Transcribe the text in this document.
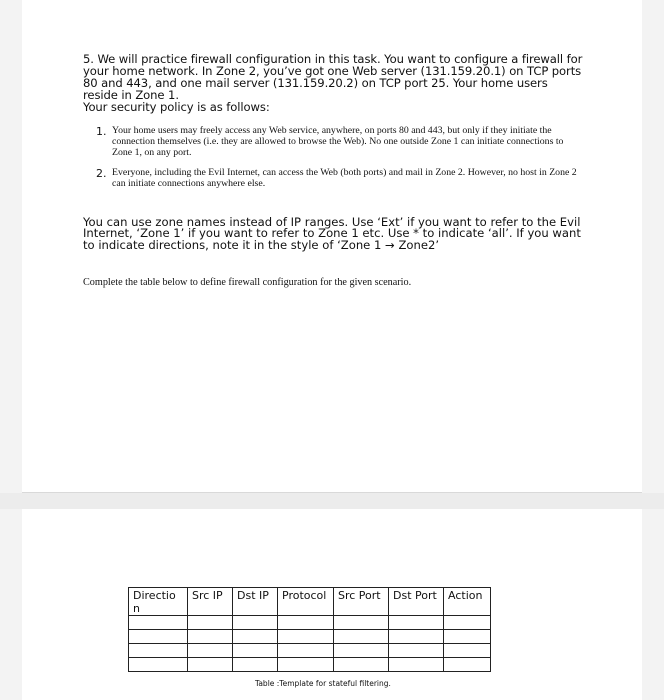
5. We will practice firewall configuration in this task. You want to configure a firewall for your home network. In Zone 2, you’ve got one Web server (131.159.20.1) on TCP ports 80 and 443, and one mail server (131.159.20.2) on TCP port 25. Your home users reside in Zone 1.

Your security policy is as follows:

1. Your home users may freely access any Web service, anywhere, on ports 80 and 443, but only if they initiate the connection themselves (i.e. they are allowed to browse the Web). No one outside Zone 1 can initiate connections to Zone 1, on any port.
2. Everyone, including the Evil Internet, can access the Web (both ports) and mail in Zone 2. However, no host in Zone 2 can initiate connections anywhere else.

You can use zone names instead of IP ranges. Use ‘Ext’ if you want to refer to the Evil Internet, ‘Zone 1’ if you want to refer to Zone 1 etc. Use * to indicate ‘all’. If you want to indicate directions, note it in the style of ‘Zone 1 → Zone2’

Complete the table below to define firewall configuration for the given scenario.
Directio n	Src IP	Dst IP	Protocol	Src Port	Dst Port	Action

Table :Template for stateful filtering.
